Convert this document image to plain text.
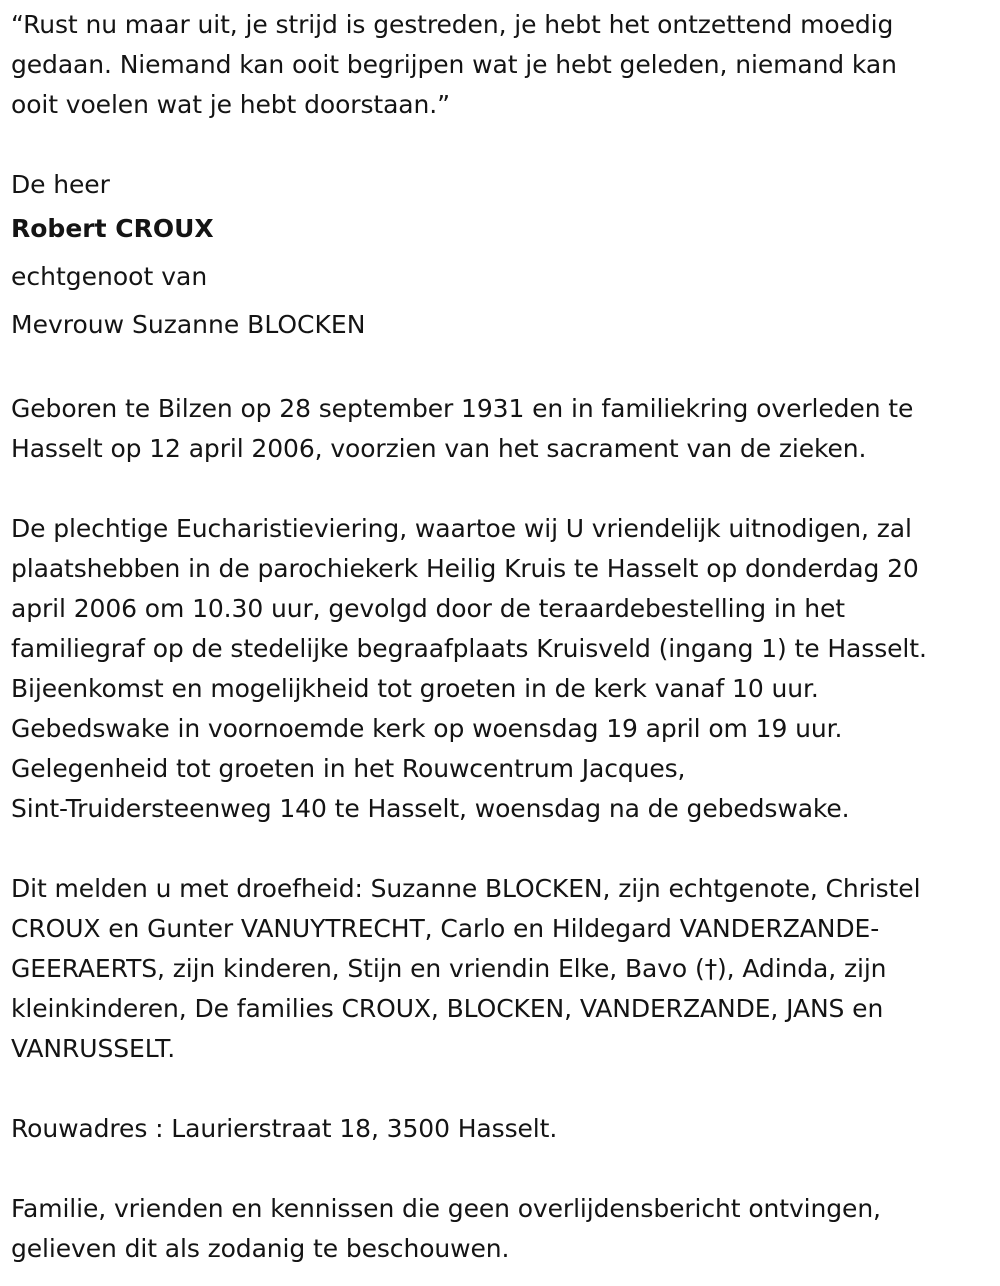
“Rust nu maar uit, je strijd is gestreden, je hebt het ontzettend moedig

gedaan. Niemand kan ooit begrijpen wat je hebt geleden, niemand kan

ooit voelen wat je hebt doorstaan.”

De heer

Robert CROUX

echtgenoot van

Mevrouw Suzanne BLOCKEN

Geboren te Bilzen op 28 september 1931 en in familiekring overleden te

Hasselt op 12 april 2006, voorzien van het sacrament van de zieken.

De plechtige Eucharistieviering, waartoe wij U vriendelijk uitnodigen, zal

plaatshebben in de parochiekerk Heilig Kruis te Hasselt op donderdag 20

april 2006 om 10.30 uur, gevolgd door de teraardebestelling in het

familiegraf op de stedelijke begraafplaats Kruisveld (ingang 1) te Hasselt.

Bijeenkomst en mogelijkheid tot groeten in de kerk vanaf 10 uur.

Gebedswake in voornoemde kerk op woensdag 19 april om 19 uur.

Gelegenheid tot groeten in het Rouwcentrum Jacques,

Sint-Truidersteenweg 140 te Hasselt, woensdag na de gebedswake.

Dit melden u met droefheid: Suzanne BLOCKEN, zijn echtgenote, Christel

CROUX en Gunter VANUYTRECHT, Carlo en Hildegard VANDERZANDE-

GEERAERTS, zijn kinderen, Stijn en vriendin Elke, Bavo (†), Adinda, zijn

kleinkinderen, De families CROUX, BLOCKEN, VANDERZANDE, JANS en

VANRUSSELT.

Rouwadres : Laurierstraat 18, 3500 Hasselt.

Familie, vrienden en kennissen die geen overlijdensbericht ontvingen,

gelieven dit als zodanig te beschouwen.
